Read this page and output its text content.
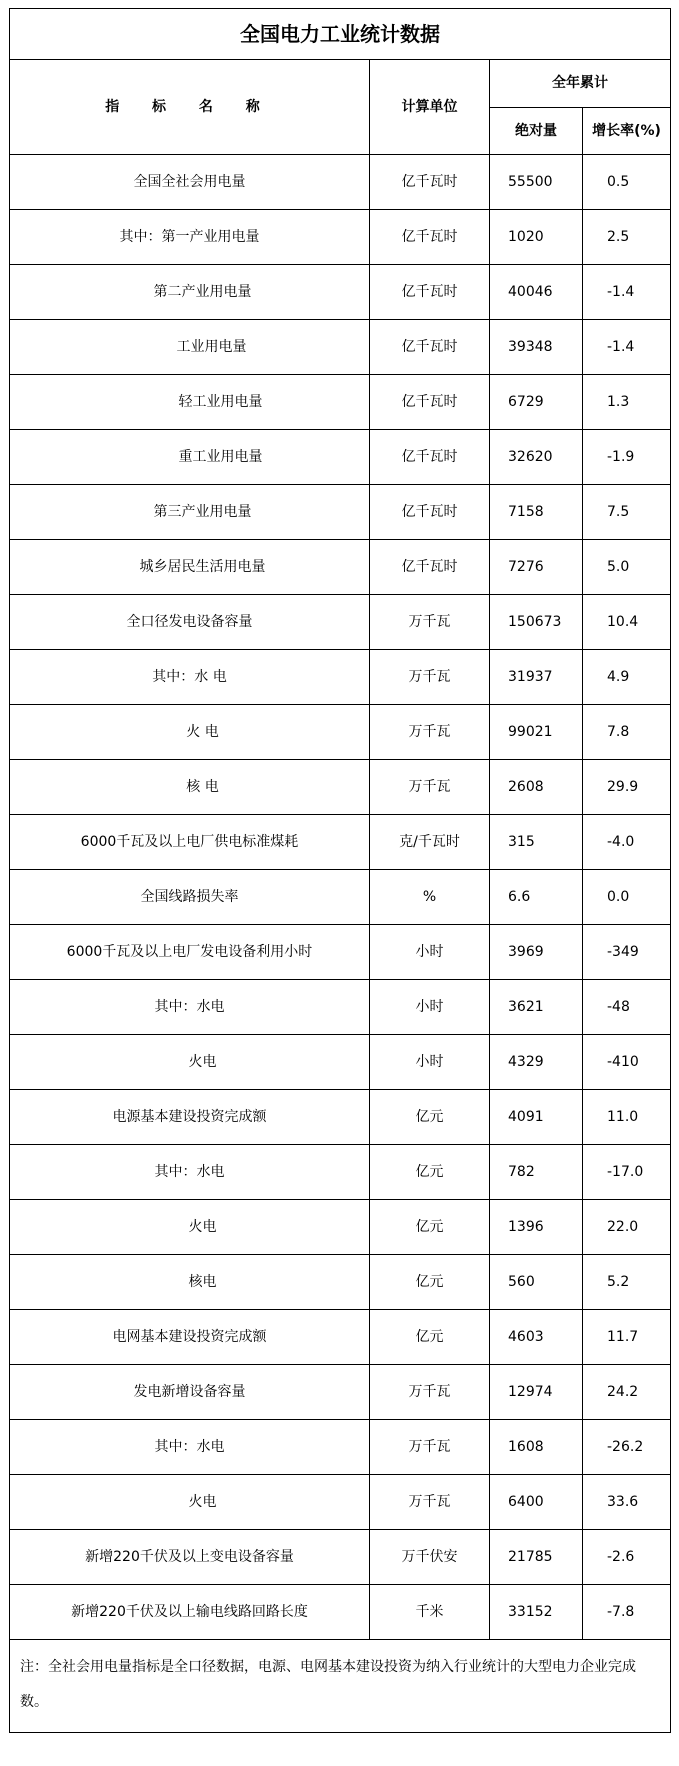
全国电力工业统计数据			
指 标 名 称	计算单位	全年累计	
		绝对量	增长率(%)
全国全社会用电量	亿千瓦时	55500	0.5
其中：第一产业用电量	亿千瓦时	1020	2.5
第二产业用电量	亿千瓦时	40046	-1.4
工业用电量	亿千瓦时	39348	-1.4
轻工业用电量	亿千瓦时	6729	1.3
重工业用电量	亿千瓦时	32620	-1.9
第三产业用电量	亿千瓦时	7158	7.5
城乡居民生活用电量	亿千瓦时	7276	5.0
全口径发电设备容量	万千瓦	150673	10.4
其中：水 电	万千瓦	31937	4.9
火 电	万千瓦	99021	7.8
核 电	万千瓦	2608	29.9
6000千瓦及以上电厂供电标准煤耗	克/千瓦时	315	-4.0
全国线路损失率	%	6.6	0.0
6000千瓦及以上电厂发电设备利用小时	小时	3969	-349
其中：水电	小时	3621	-48
火电	小时	4329	-410
电源基本建设投资完成额	亿元	4091	11.0
其中：水电	亿元	782	-17.0
火电	亿元	1396	22.0
核电	亿元	560	5.2
电网基本建设投资完成额	亿元	4603	11.7
发电新增设备容量	万千瓦	12974	24.2
其中：水电	万千瓦	1608	-26.2
火电	万千瓦	6400	33.6
新增220千伏及以上变电设备容量	万千伏安	21785	-2.6
新增220千伏及以上输电线路回路长度	千米	33152	-7.8
注：全社会用电量指标是全口径数据，电源、电网基本建设投资为纳入行业统计的大型电力企业完成数。			
